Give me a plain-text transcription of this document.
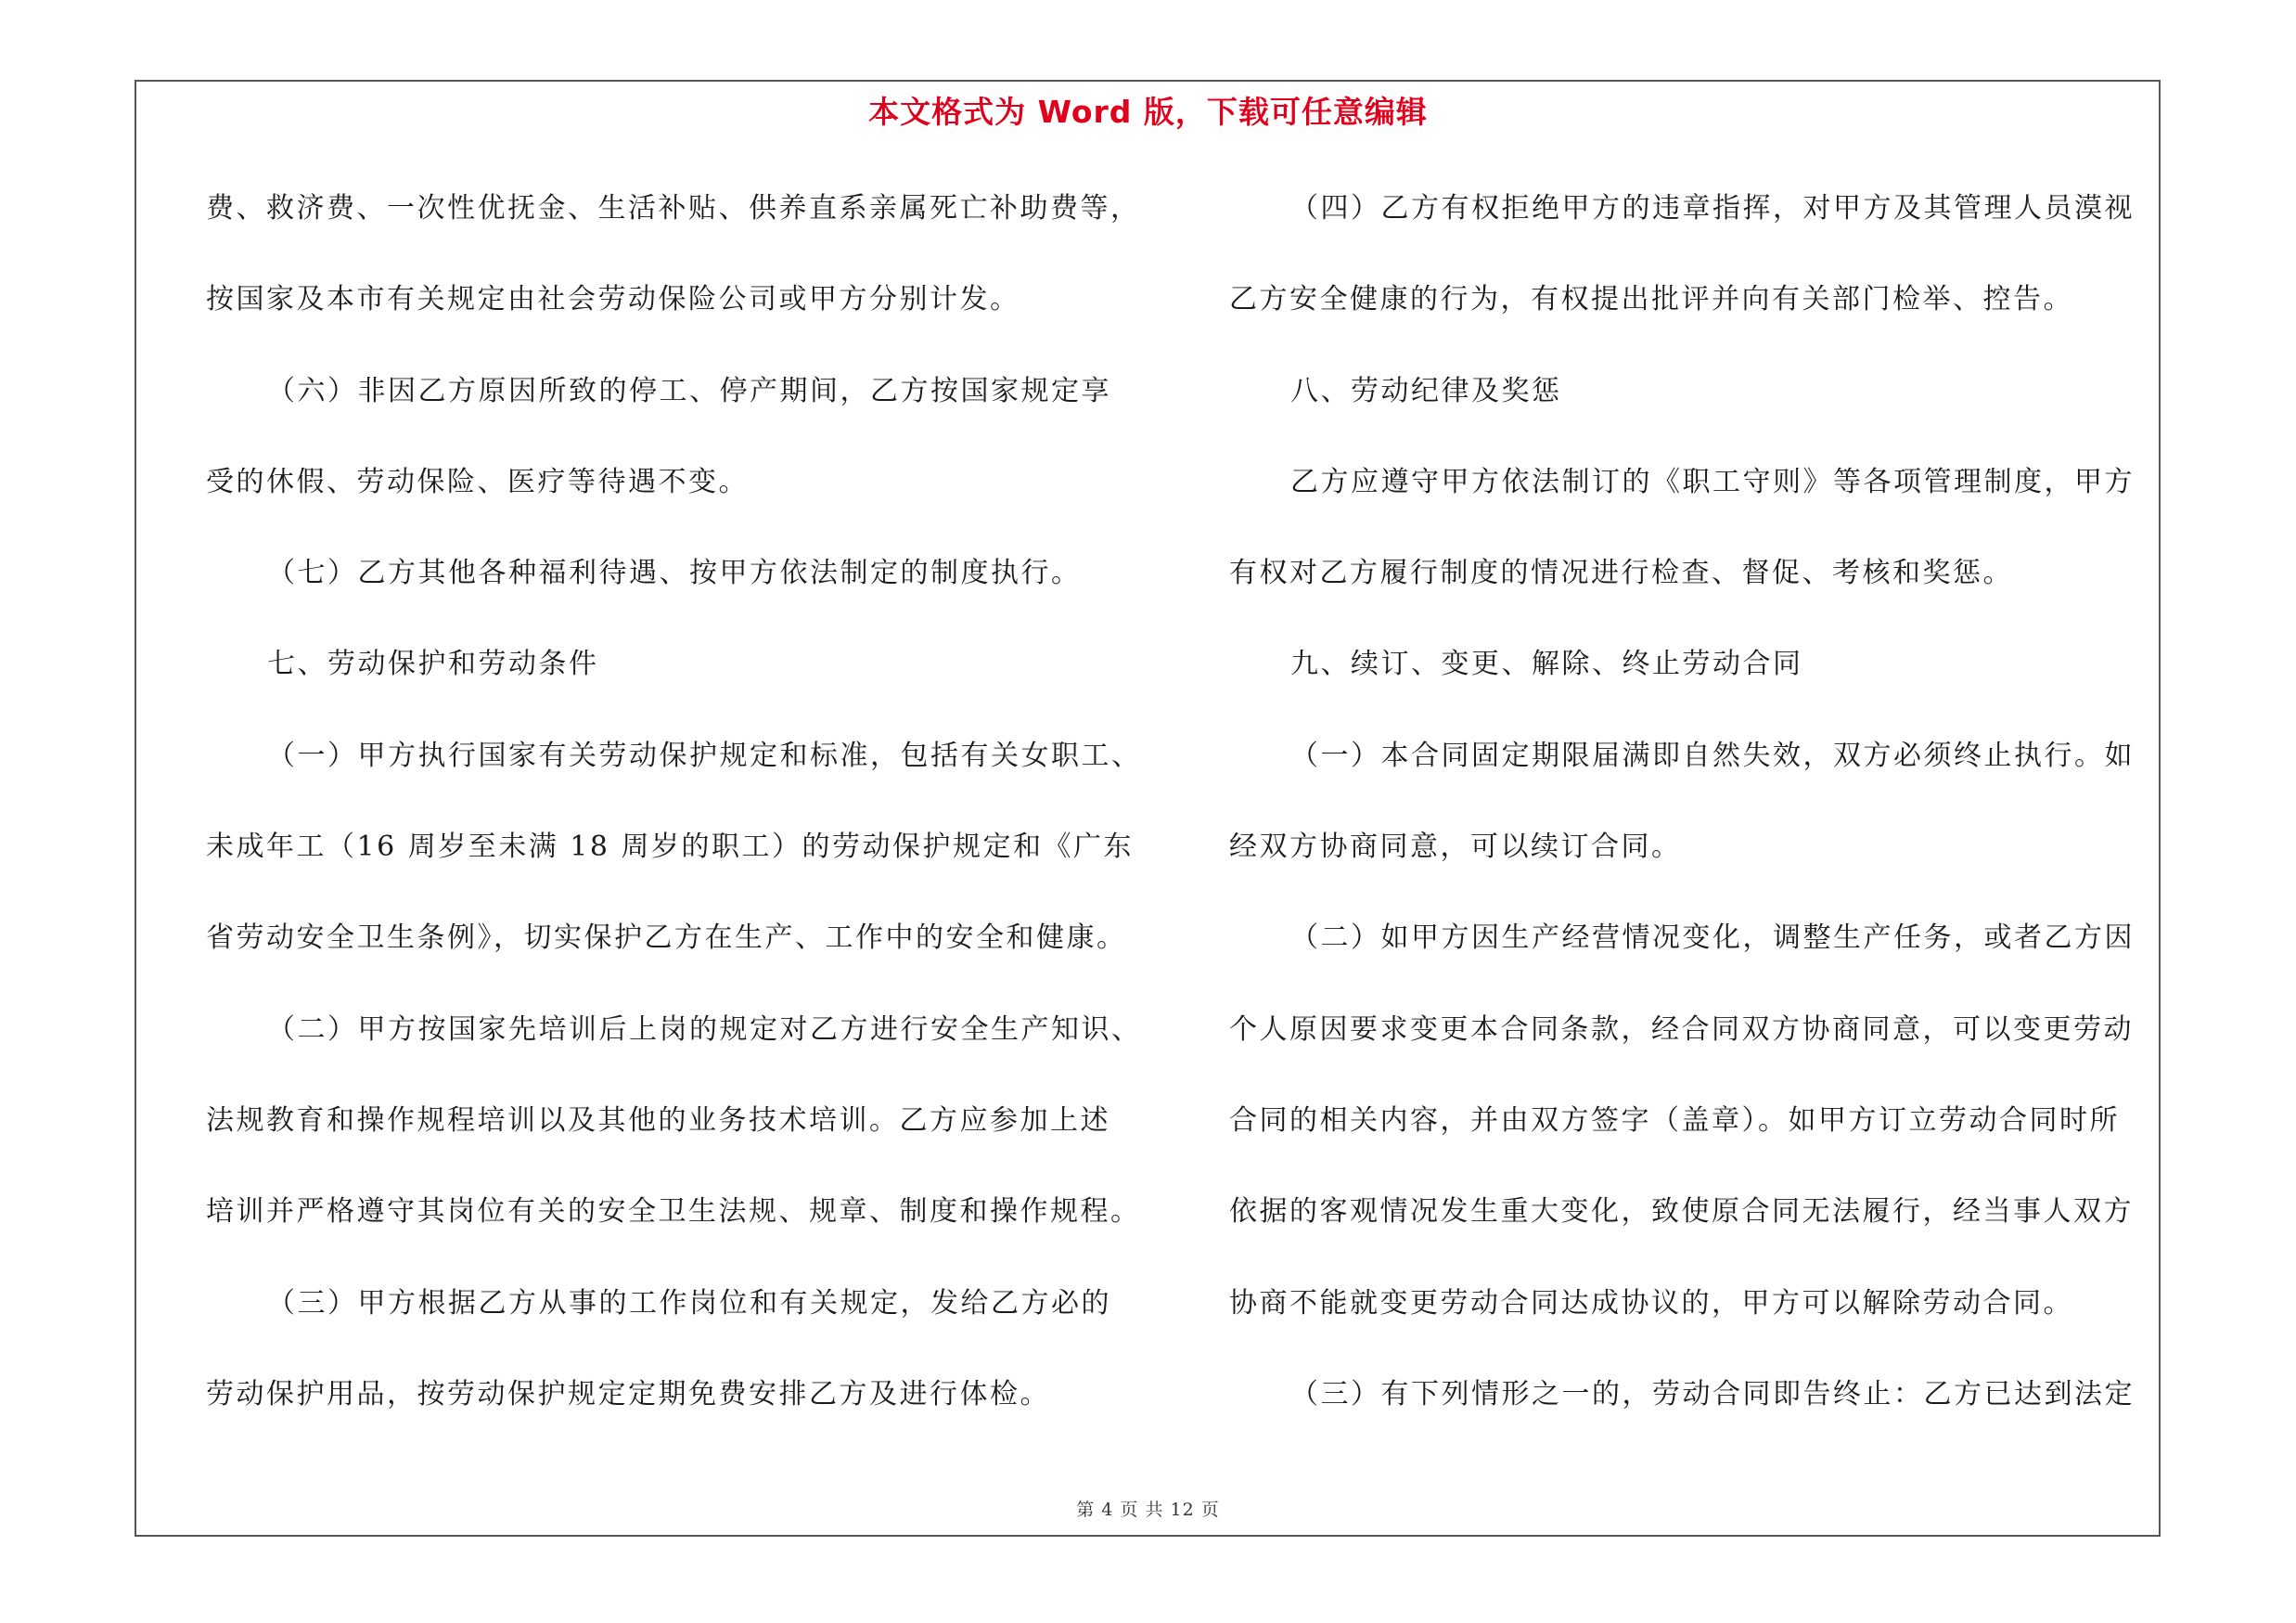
本文格式为 Word 版，下载可任意编辑
费、救济费、一次性优抚金、生活补贴、供养直系亲属死亡补助费等，
按国家及本市有关规定由社会劳动保险公司或甲方分别计发。
（六）非因乙方原因所致的停工、停产期间，乙方按国家规定享
受的休假、劳动保险、医疗等待遇不变。
（七）乙方其他各种福利待遇、按甲方依法制定的制度执行。
七、劳动保护和劳动条件
（一）甲方执行国家有关劳动保护规定和标准，包括有关女职工、
未成年工（16 周岁至未满 18 周岁的职工）的劳动保护规定和《广东
省劳动安全卫生条例》，切实保护乙方在生产、工作中的安全和健康。
（二）甲方按国家先培训后上岗的规定对乙方进行安全生产知识、
法规教育和操作规程培训以及其他的业务技术培训。乙方应参加上述
培训并严格遵守其岗位有关的安全卫生法规、规章、制度和操作规程。
（三）甲方根据乙方从事的工作岗位和有关规定，发给乙方必的
劳动保护用品，按劳动保护规定定期免费安排乙方及进行体检。
（四）乙方有权拒绝甲方的违章指挥，对甲方及其管理人员漠视
乙方安全健康的行为，有权提出批评并向有关部门检举、控告。
八、劳动纪律及奖惩
乙方应遵守甲方依法制订的《职工守则》等各项管理制度，甲方
有权对乙方履行制度的情况进行检查、督促、考核和奖惩。
九、续订、变更、解除、终止劳动合同
（一）本合同固定期限届满即自然失效，双方必须终止执行。如
经双方协商同意，可以续订合同。
（二）如甲方因生产经营情况变化，调整生产任务，或者乙方因
个人原因要求变更本合同条款，经合同双方协商同意，可以变更劳动
合同的相关内容，并由双方签字（盖章）。如甲方订立劳动合同时所
依据的客观情况发生重大变化，致使原合同无法履行，经当事人双方
协商不能就变更劳动合同达成协议的，甲方可以解除劳动合同。
（三）有下列情形之一的，劳动合同即告终止：乙方已达到法定
第 4 页 共 12 页
